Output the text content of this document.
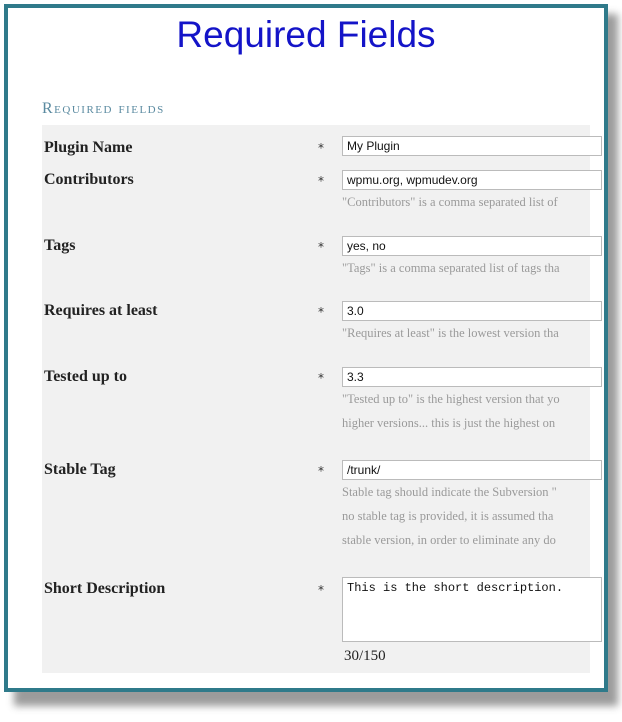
Required Fields
Required fields
Plugin Name	*	My Plugin
Contributors	*	wpmu.org, wpmudev.org
"Contributors" is a comma separated list of
Tags	*	yes, no
"Tags" is a comma separated list of tags tha
Requires at least	*	3.0
"Requires at least" is the lowest version tha
Tested up to	*	3.3
"Tested up to" is the highest version that yo
higher versions... this is just the highest on
Stable Tag	*	/trunk/
Stable tag should indicate the Subversion "
no stable tag is provided, it is assumed tha
stable version, in order to eliminate any do
Short Description	*	This is the short description.
30/150
